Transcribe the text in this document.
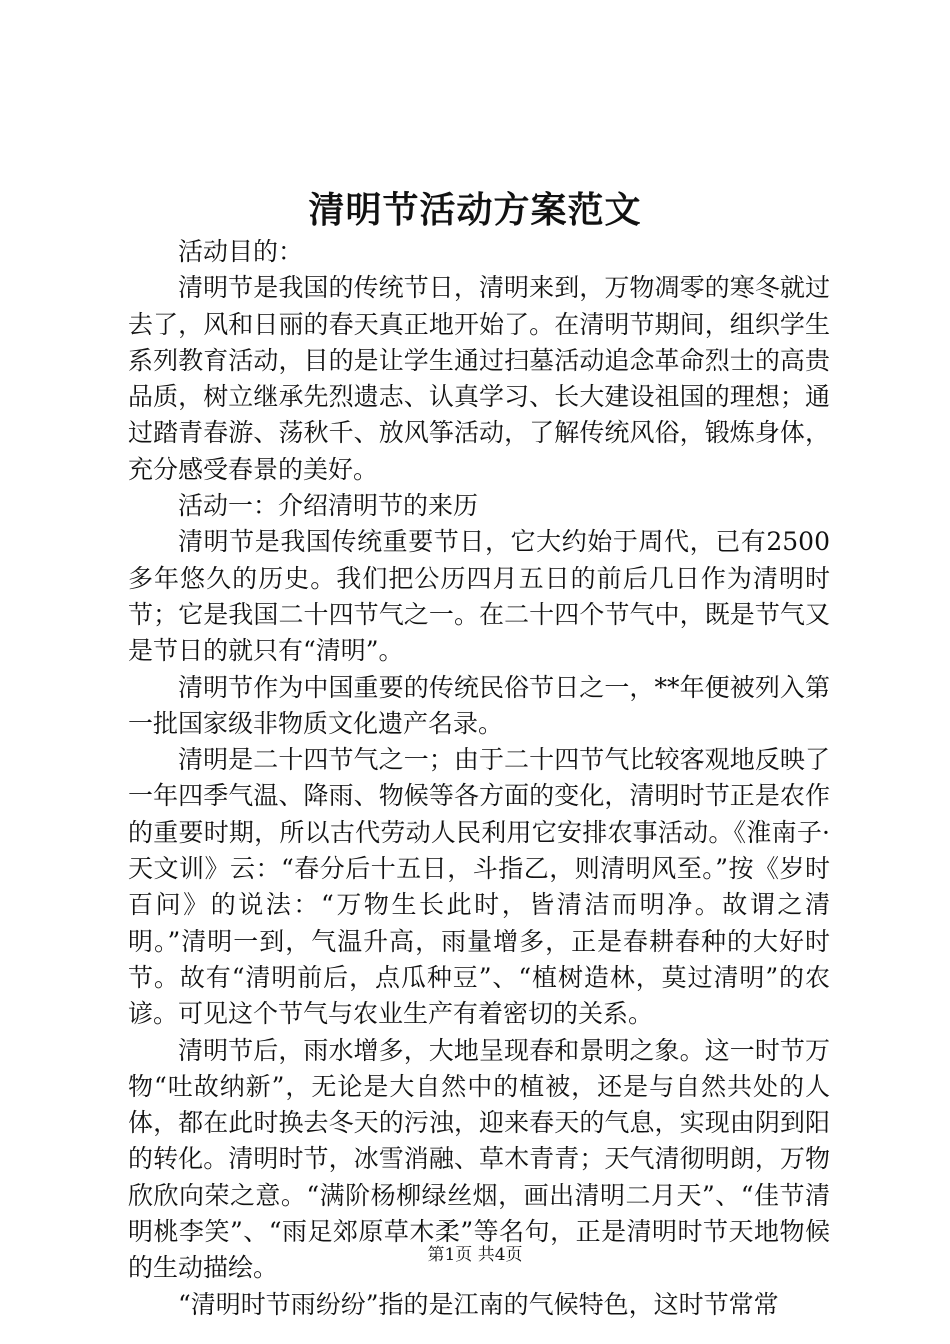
清明节活动方案范文

活动目的：

清明节是我国的传统节日，清明来到，万物凋零的寒冬就过去了，风和日丽的春天真正地开始了。在清明节期间，组织学生系列教育活动，目的是让学生通过扫墓活动追念革命烈士的高贵品质，树立继承先烈遗志、认真学习、长大建设祖国的理想；通过踏青春游、荡秋千、放风筝活动，了解传统风俗，锻炼身体，充分感受春景的美好。

活动一：介绍清明节的来历

清明节是我国传统重要节日，它大约始于周代，已有2500多年悠久的历史。我们把公历四月五日的前后几日作为清明时节；它是我国二十四节气之一。在二十四个节气中，既是节气又是节日的就只有“清明”。

清明节作为中国重要的传统民俗节日之一，**年便被列入第一批国家级非物质文化遗产名录。

清明是二十四节气之一；由于二十四节气比较客观地反映了一年四季气温、降雨、物候等各方面的变化，清明时节正是农作的重要时期，所以古代劳动人民利用它安排农事活动。《淮南子·天文训》云：“春分后十五日，斗指乙，则清明风至。”按《岁时百问》的说法：“万物生长此时，皆清洁而明净。故谓之清明。”清明一到，气温升高，雨量增多，正是春耕春种的大好时节。故有“清明前后，点瓜种豆”、“植树造林，莫过清明”的农谚。可见这个节气与农业生产有着密切的关系。

清明节后，雨水增多，大地呈现春和景明之象。这一时节万物“吐故纳新”，无论是大自然中的植被，还是与自然共处的人体，都在此时换去冬天的污浊，迎来春天的气息，实现由阴到阳的转化。清明时节，冰雪消融、草木青青；天气清彻明朗，万物欣欣向荣之意。“满阶杨柳绿丝烟，画出清明二月天”、“佳节清明桃李笑”、“雨足郊原草木柔”等名句，正是清明时节天地物候的生动描绘。

“清明时节雨纷纷”指的是江南的气候特色，这时节常常

第1页 共4页
